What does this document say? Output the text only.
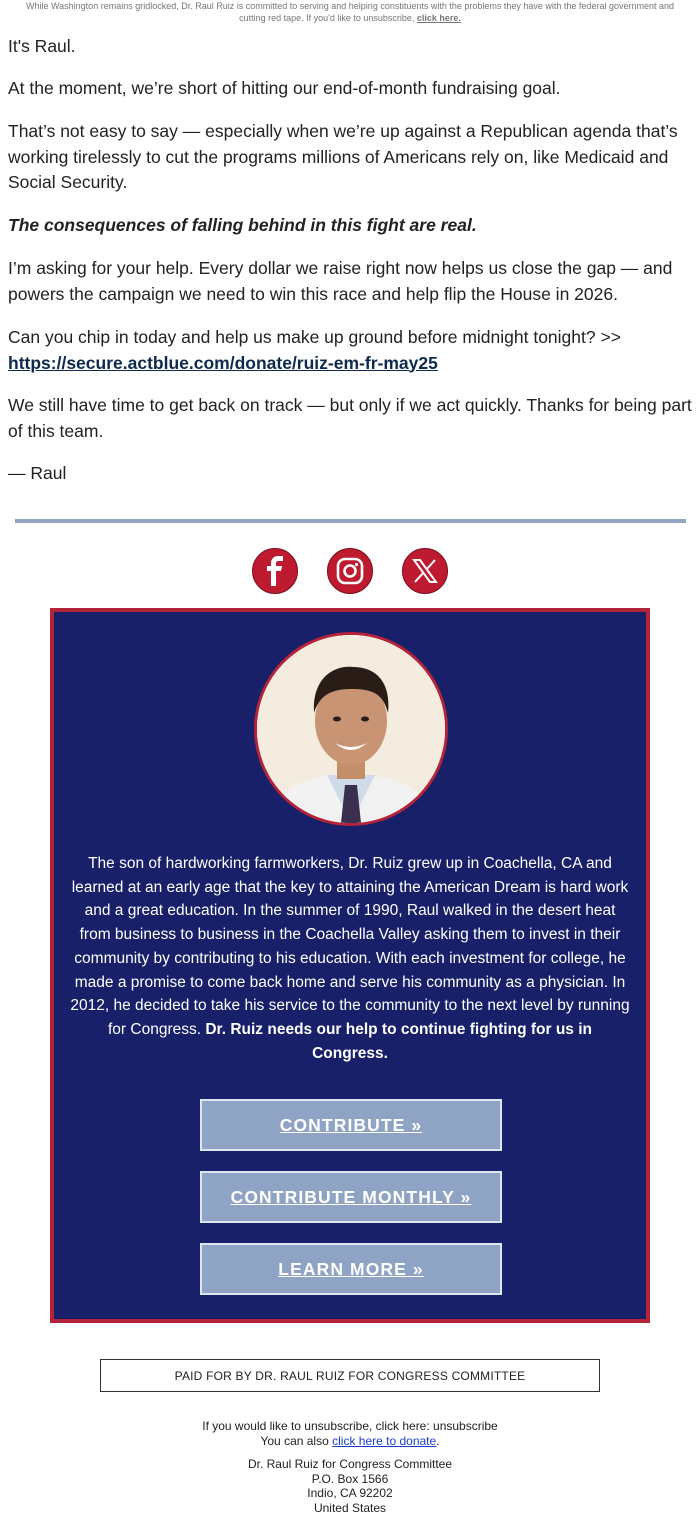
While Washington remains gridlocked, Dr. Raul Ruiz is committed to serving and helping constituents with the problems they have with the federal government and cutting red tape. If you'd like to unsubscribe, click here.

It's Raul.

At the moment, we’re short of hitting our end-of-month fundraising goal.

That’s not easy to say — especially when we’re up against a Republican agenda that’s working tirelessly to cut the programs millions of Americans rely on, like Medicaid and Social Security.

The consequences of falling behind in this fight are real.

I’m asking for your help. Every dollar we raise right now helps us close the gap — and powers the campaign we need to win this race and help flip the House in 2026.

Can you chip in today and help us make up ground before midnight tonight? >>

https://secure.actblue.com/donate/ruiz-em-fr-may25

We still have time to get back on track — but only if we act quickly. Thanks for being part of this team.

— Raul

The son of hardworking farmworkers, Dr. Ruiz grew up in Coachella, CA and learned at an early age that the key to attaining the American Dream is hard work and a great education. In the summer of 1990, Raul walked in the desert heat from business to business in the Coachella Valley asking them to invest in their community by contributing to his education. With each investment for college, he made a promise to come back home and serve his community as a physician. In 2012, he decided to take his service to the community to the next level by running for Congress. Dr. Ruiz needs our help to continue fighting for us in Congress.
CONTRIBUTE »
CONTRIBUTE MONTHLY »
LEARN MORE »
PAID FOR BY DR. RAUL RUIZ FOR CONGRESS COMMITTEE
If you would like to unsubscribe, click here: unsubscribe
You can also click here to donate.
Dr. Raul Ruiz for Congress Committee
P.O. Box 1566
Indio, CA 92202
United States
